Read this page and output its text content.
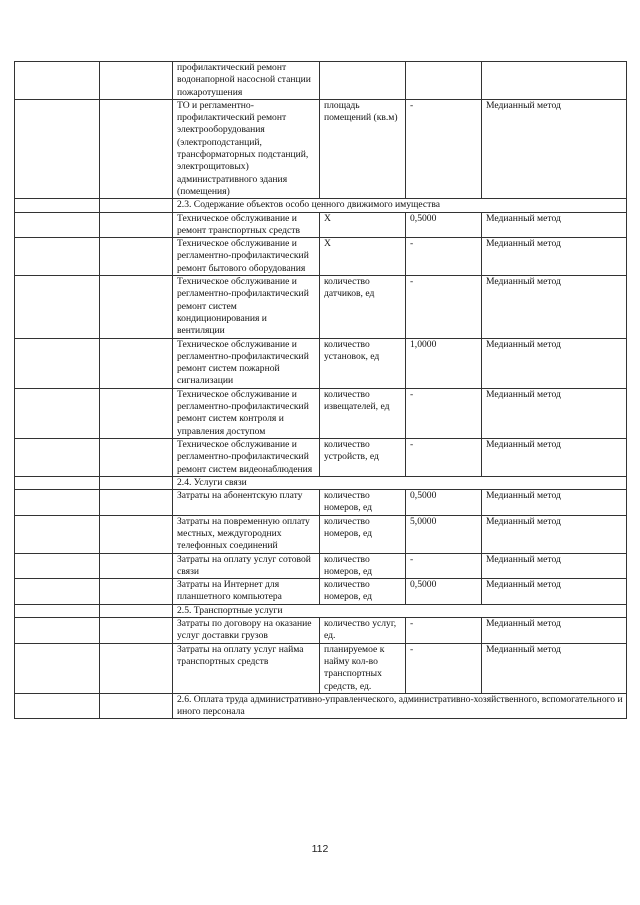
		профилактический ремонт водонапорной насосной станции пожаротушения			
		ТО и регламентно-профилактический ремонт электрооборудования (электроподстанций, трансформаторных подстанций, электрощитовых) административного здания (помещения)	площадь помещений (кв.м)	-	Медианный метод
		2.3. Содержание объектов особо ценного движимого имущества			
		Техническое обслуживание и ремонт транспортных средств	Х	0,5000	Медианный метод
		Техническое обслуживание и регламентно-профилактический ремонт бытового оборудования	Х	-	Медианный метод
		Техническое обслуживание и регламентно-профилактический ремонт систем кондиционирования и вентиляции	количество датчиков, ед	-	Медианный метод
		Техническое обслуживание и регламентно-профилактический ремонт систем пожарной сигнализации	количество установок, ед	1,0000	Медианный метод
		Техническое обслуживание и регламентно-профилактический ремонт систем контроля и управления доступом	количество извещателей, ед	-	Медианный метод
		Техническое обслуживание и регламентно-профилактический ремонт систем видеонаблюдения	количество устройств, ед	-	Медианный метод
		2.4. Услуги связи			
		Затраты на абонентскую плату	количество номеров, ед	0,5000	Медианный метод
		Затраты на повременную оплату местных, междугородних телефонных соединений	количество номеров, ед	5,0000	Медианный метод
		Затраты на оплату услуг сотовой связи	количество номеров, ед	-	Медианный метод
		Затраты на Интернет для планшетного компьютера	количество номеров, ед	0,5000	Медианный метод
		2.5. Транспортные услуги			
		Затраты по договору на оказание услуг доставки грузов	количество услуг, ед.	-	Медианный метод
		Затраты на оплату услуг найма транспортных средств	планируемое к найму кол-во транспортных средств, ед.	-	Медианный метод
		2.6. Оплата труда административно-управленческого, административно-хозяйственного, вспомогательного и иного персонала			
112
